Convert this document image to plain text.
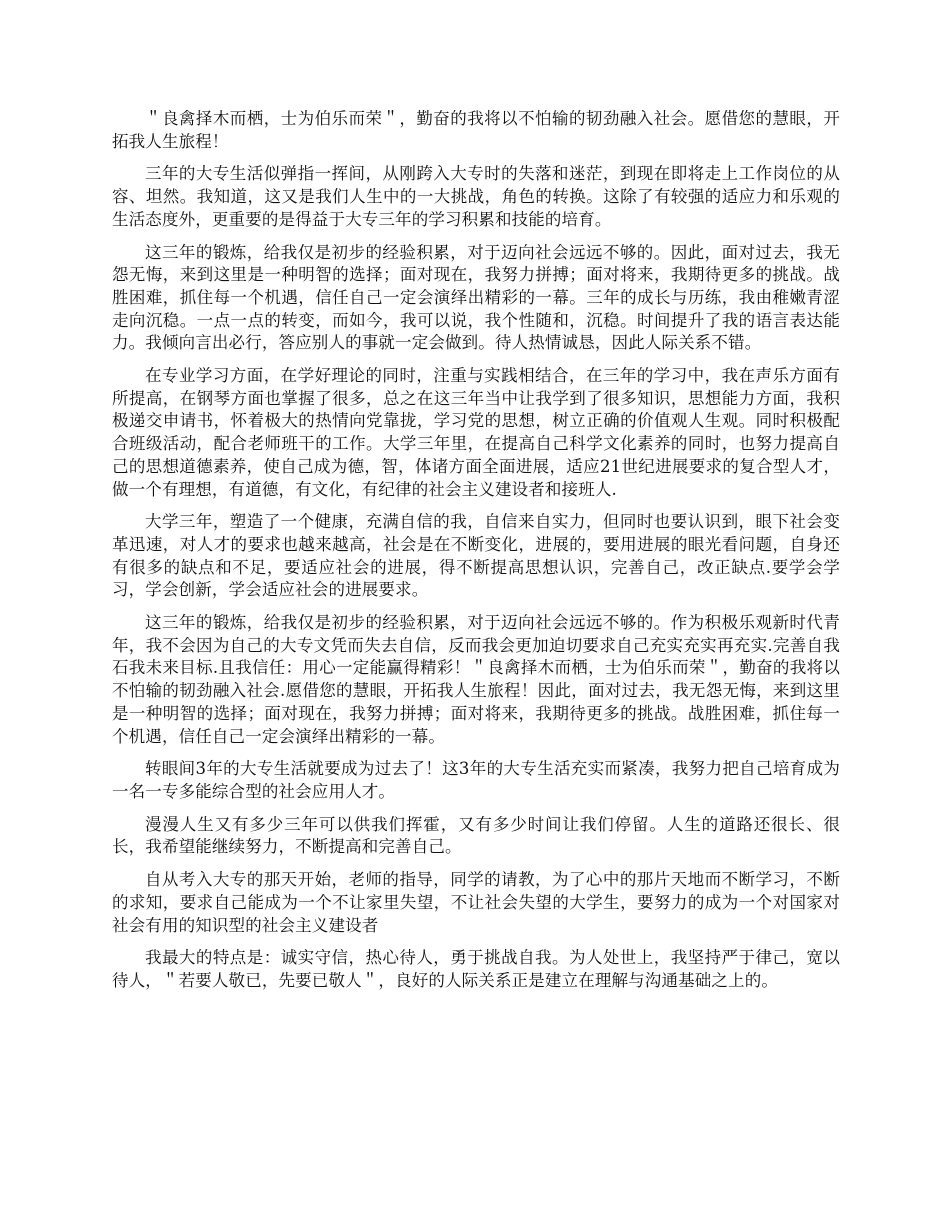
＂良禽择木而栖，士为伯乐而荣＂，勤奋的我将以不怕输的韧劲融入社会。愿借您的慧眼，开拓我人生旅程！

三年的大专生活似弹指一挥间，从刚跨入大专时的失落和迷茫，到现在即将走上工作岗位的从容、坦然。我知道，这又是我们人生中的一大挑战，角色的转换。这除了有较强的适应力和乐观的生活态度外，更重要的是得益于大专三年的学习积累和技能的培育。

这三年的锻炼，给我仅是初步的经验积累，对于迈向社会远远不够的。因此，面对过去，我无怨无悔，来到这里是一种明智的选择；面对现在，我努力拼搏；面对将来，我期待更多的挑战。战胜困难，抓住每一个机遇，信任自己一定会演绎出精彩的一幕。三年的成长与历练，我由稚嫩青涩走向沉稳。一点一点的转变，而如今，我可以说，我个性随和，沉稳。时间提升了我的语言表达能力。我倾向言出必行，答应别人的事就一定会做到。待人热情诚恳，因此人际关系不错。

在专业学习方面，在学好理论的同时，注重与实践相结合，在三年的学习中，我在声乐方面有所提高，在钢琴方面也掌握了很多，总之在这三年当中让我学到了很多知识，思想能力方面，我积极递交申请书，怀着极大的热情向党靠拢，学习党的思想，树立正确的价值观人生观。同时积极配合班级活动，配合老师班干的工作。大学三年里，在提高自己科学文化素养的同时，也努力提高自己的思想道德素养，使自己成为德，智，体诸方面全面进展，适应21世纪进展要求的复合型人才，做一个有理想，有道德，有文化，有纪律的社会主义建设者和接班人.

大学三年，塑造了一个健康，充满自信的我，自信来自实力，但同时也要认识到，眼下社会变革迅速，对人才的要求也越来越高，社会是在不断变化，进展的，要用进展的眼光看问题，自身还有很多的缺点和不足，要适应社会的进展，得不断提高思想认识，完善自己，改正缺点.要学会学习，学会创新，学会适应社会的进展要求。

这三年的锻炼，给我仅是初步的经验积累，对于迈向社会远远不够的。作为积极乐观新时代青年，我不会因为自己的大专文凭而失去自信，反而我会更加迫切要求自己充实充实再充实.完善自我石我未来目标.且我信任：用心一定能赢得精彩！＂良禽择木而栖，士为伯乐而荣＂，勤奋的我将以不怕输的韧劲融入社会.愿借您的慧眼，开拓我人生旅程！因此，面对过去，我无怨无悔，来到这里是一种明智的选择；面对现在，我努力拼搏；面对将来，我期待更多的挑战。战胜困难，抓住每一个机遇，信任自己一定会演绎出精彩的一幕。

转眼间3年的大专生活就要成为过去了！这3年的大专生活充实而紧凑，我努力把自己培育成为一名一专多能综合型的社会应用人才。

漫漫人生又有多少三年可以供我们挥霍，又有多少时间让我们停留。人生的道路还很长、很长，我希望能继续努力，不断提高和完善自己。

自从考入大专的那天开始，老师的指导，同学的请教，为了心中的那片天地而不断学习，不断的求知，要求自己能成为一个不让家里失望，不让社会失望的大学生，要努力的成为一个对国家对社会有用的知识型的社会主义建设者

我最大的特点是：诚实守信，热心待人，勇于挑战自我。为人处世上，我坚持严于律己，宽以待人，＂若要人敬已，先要已敬人＂，良好的人际关系正是建立在理解与沟通基础之上的。
